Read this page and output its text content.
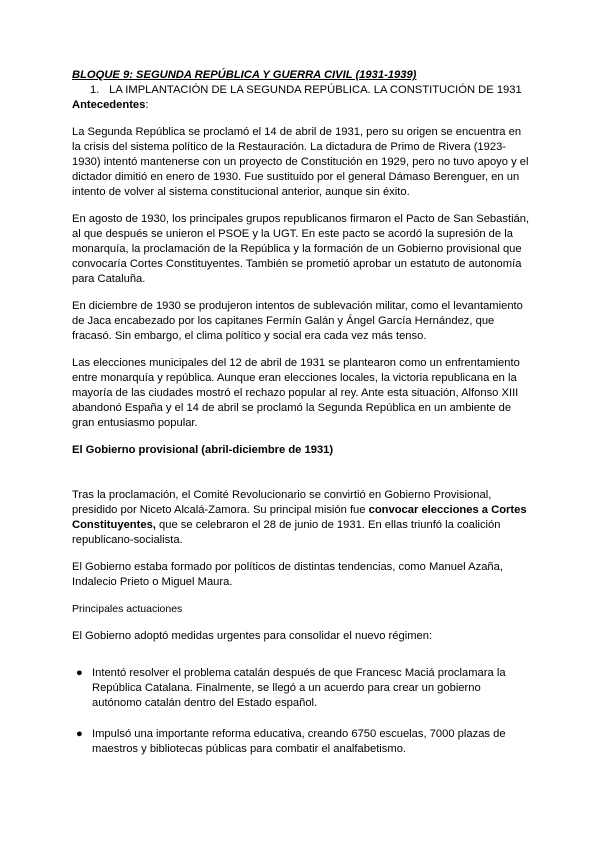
BLOQUE 9: SEGUNDA REPÚBLICA Y GUERRA CIVIL (1931-1939)

1. LA IMPLANTACIÓN DE LA SEGUNDA REPÚBLICA. LA CONSTITUCIÓN DE 1931

Antecedentes:

La Segunda República se proclamó el 14 de abril de 1931, pero su origen se encuentra en la crisis del sistema político de la Restauración. La dictadura de Primo de Rivera (1923-1930) intentó mantenerse con un proyecto de Constitución en 1929, pero no tuvo apoyo y el dictador dimitió en enero de 1930. Fue sustituido por el general Dámaso Berenguer, en un intento de volver al sistema constitucional anterior, aunque sin éxito.

En agosto de 1930, los principales grupos republicanos firmaron el Pacto de San Sebastián, al que después se unieron el PSOE y la UGT. En este pacto se acordó la supresión de la monarquía, la proclamación de la República y la formación de un Gobierno provisional que convocaría Cortes Constituyentes. También se prometió aprobar un estatuto de autonomía para Cataluña.

En diciembre de 1930 se produjeron intentos de sublevación militar, como el levantamiento de Jaca encabezado por los capitanes Fermín Galán y Ángel García Hernández, que fracasó. Sin embargo, el clima político y social era cada vez más tenso.

Las elecciones municipales del 12 de abril de 1931 se plantearon como un enfrentamiento entre monarquía y república. Aunque eran elecciones locales, la victoria republicana en la mayoría de las ciudades mostró el rechazo popular al rey. Ante esta situación, Alfonso XIII abandonó España y el 14 de abril se proclamó la Segunda República en un ambiente de gran entusiasmo popular.

El Gobierno provisional (abril-diciembre de 1931)

Tras la proclamación, el Comité Revolucionario se convirtió en Gobierno Provisional, presidido por Niceto Alcalá-Zamora. Su principal misión fue convocar elecciones a Cortes Constituyentes, que se celebraron el 28 de junio de 1931. En ellas triunfó la coalición republicano-socialista.

El Gobierno estaba formado por políticos de distintas tendencias, como Manuel Azaña, Indalecio Prieto o Miguel Maura.

Principales actuaciones

El Gobierno adoptó medidas urgentes para consolidar el nuevo régimen:

● Intentó resolver el problema catalán después de que Francesc Maciá proclamara la República Catalana. Finalmente, se llegó a un acuerdo para crear un gobierno autónomo catalán dentro del Estado español.
● Impulsó una importante reforma educativa, creando 6750 escuelas, 7000 plazas de maestros y bibliotecas públicas para combatir el analfabetismo.
